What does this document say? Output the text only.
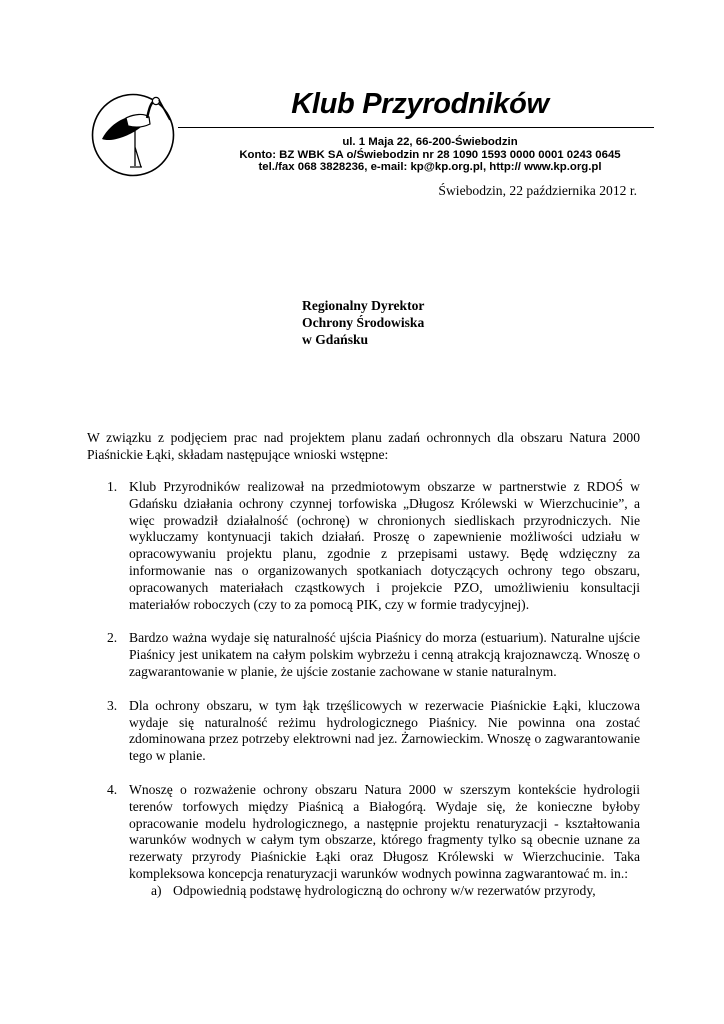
Klub Przyrodników

ul. 1 Maja 22, 66-200-Świebodzin

Konto: BZ WBK SA o/Świebodzin nr 28 1090 1593 0000 0001 0243 0645

tel./fax 068 3828236, e-mail: kp@kp.org.pl, http:// www.kp.org.pl

Świebodzin, 22 października 2012 r.

Regionalny Dyrektor
Ochrony Środowiska
w Gdańsku

W związku z podjęciem prac nad projektem planu zadań ochronnych dla obszaru Natura 2000 Piaśnickie Łąki, składam następujące wnioski wstępne:

1. Klub Przyrodników realizował na przedmiotowym obszarze w partnerstwie z RDOŚ w Gdańsku działania ochrony czynnej torfowiska „Długosz Królewski w Wierzchucinie”, a więc prowadził działalność (ochronę) w chronionych siedliskach przyrodniczych. Nie wykluczamy kontynuacji takich działań. Proszę o zapewnienie możliwości udziału w opracowywaniu projektu planu, zgodnie z przepisami ustawy. Będę wdzięczny za informowanie nas o organizowanych spotkaniach dotyczących ochrony tego obszaru, opracowanych materiałach cząstkowych i projekcie PZO, umożliwieniu konsultacji materiałów roboczych (czy to za pomocą PIK, czy w formie tradycyjnej).
2. Bardzo ważna wydaje się naturalność ujścia Piaśnicy do morza (estuarium). Naturalne ujście Piaśnicy jest unikatem na całym polskim wybrzeżu i cenną atrakcją krajoznawczą. Wnoszę o zagwarantowanie w planie, że ujście zostanie zachowane w stanie naturalnym.
3. Dla ochrony obszaru, w tym łąk trzęślicowych w rezerwacie Piaśnickie Łąki, kluczowa wydaje się naturalność reżimu hydrologicznego Piaśnicy. Nie powinna ona zostać zdominowana przez potrzeby elektrowni nad jez. Żarnowieckim. Wnoszę o zagwarantowanie tego w planie.
4. Wnoszę o rozważenie ochrony obszaru Natura 2000 w szerszym kontekście hydrologii terenów torfowych między Piaśnicą a Białogórą. Wydaje się, że konieczne byłoby opracowanie modelu hydrologicznego, a następnie projektu renaturyzacji - kształtowania warunków wodnych w całym tym obszarze, którego fragmenty tylko są obecnie uznane za rezerwaty przyrody Piaśnickie Łąki oraz Długosz Królewski w Wierzchucinie. Taka kompleksowa koncepcja renaturyzacji warunków wodnych powinna zagwarantować m. in.:
a) Odpowiednią podstawę hydrologiczną do ochrony w/w rezerwatów przyrody,
